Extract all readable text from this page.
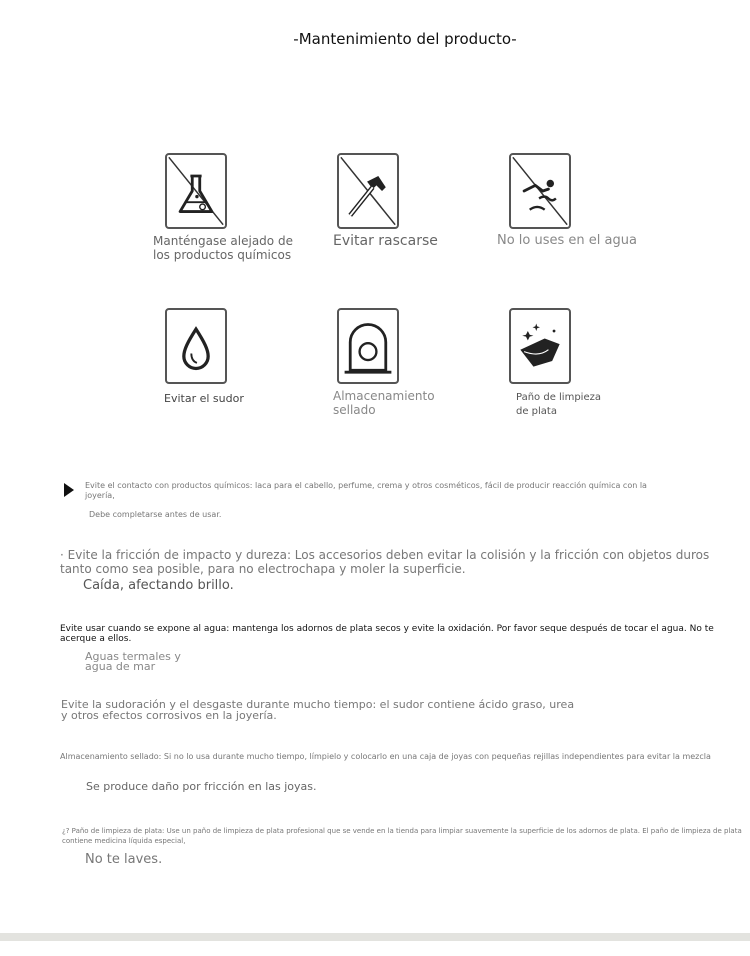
-Mantenimiento del producto-
Manténgase alejado de
los productos químicos
Evitar rascarse	No lo uses en el agua
Evitar el sudor	Almacenamiento
sellado
Paño de limpieza
de plata
Evite el contacto con productos químicos: laca para el cabello, perfume, crema y otros cosméticos, fácil de producir reacción química con la joyería,
Debe completarse antes de usar.
· Evite la fricción de impacto y dureza: Los accesorios deben evitar la colisión y la fricción con objetos duros tanto como sea posible, para no electrochapa y moler la superficie.
Caída, afectando brillo.
Evite usar cuando se expone al agua: mantenga los adornos de plata secos y evite la oxidación. Por favor seque después de tocar el agua. No te acerque a ellos.
Aguas termales y
agua de mar
Evite la sudoración y el desgaste durante mucho tiempo: el sudor contiene ácido graso, urea
y otros efectos corrosivos en la joyería.
Almacenamiento sellado: Si no lo usa durante mucho tiempo, límpielo y colocarlo en una caja de joyas con pequeñas rejillas independientes para evitar la mezcla
Se produce daño por fricción en las joyas.
¿? Paño de limpieza de plata: Use un paño de limpieza de plata profesional que se vende en la tienda para limpiar suavemente la superficie de los adornos de plata. El paño de limpieza de plata contiene medicina líquida especial,
No te laves.
